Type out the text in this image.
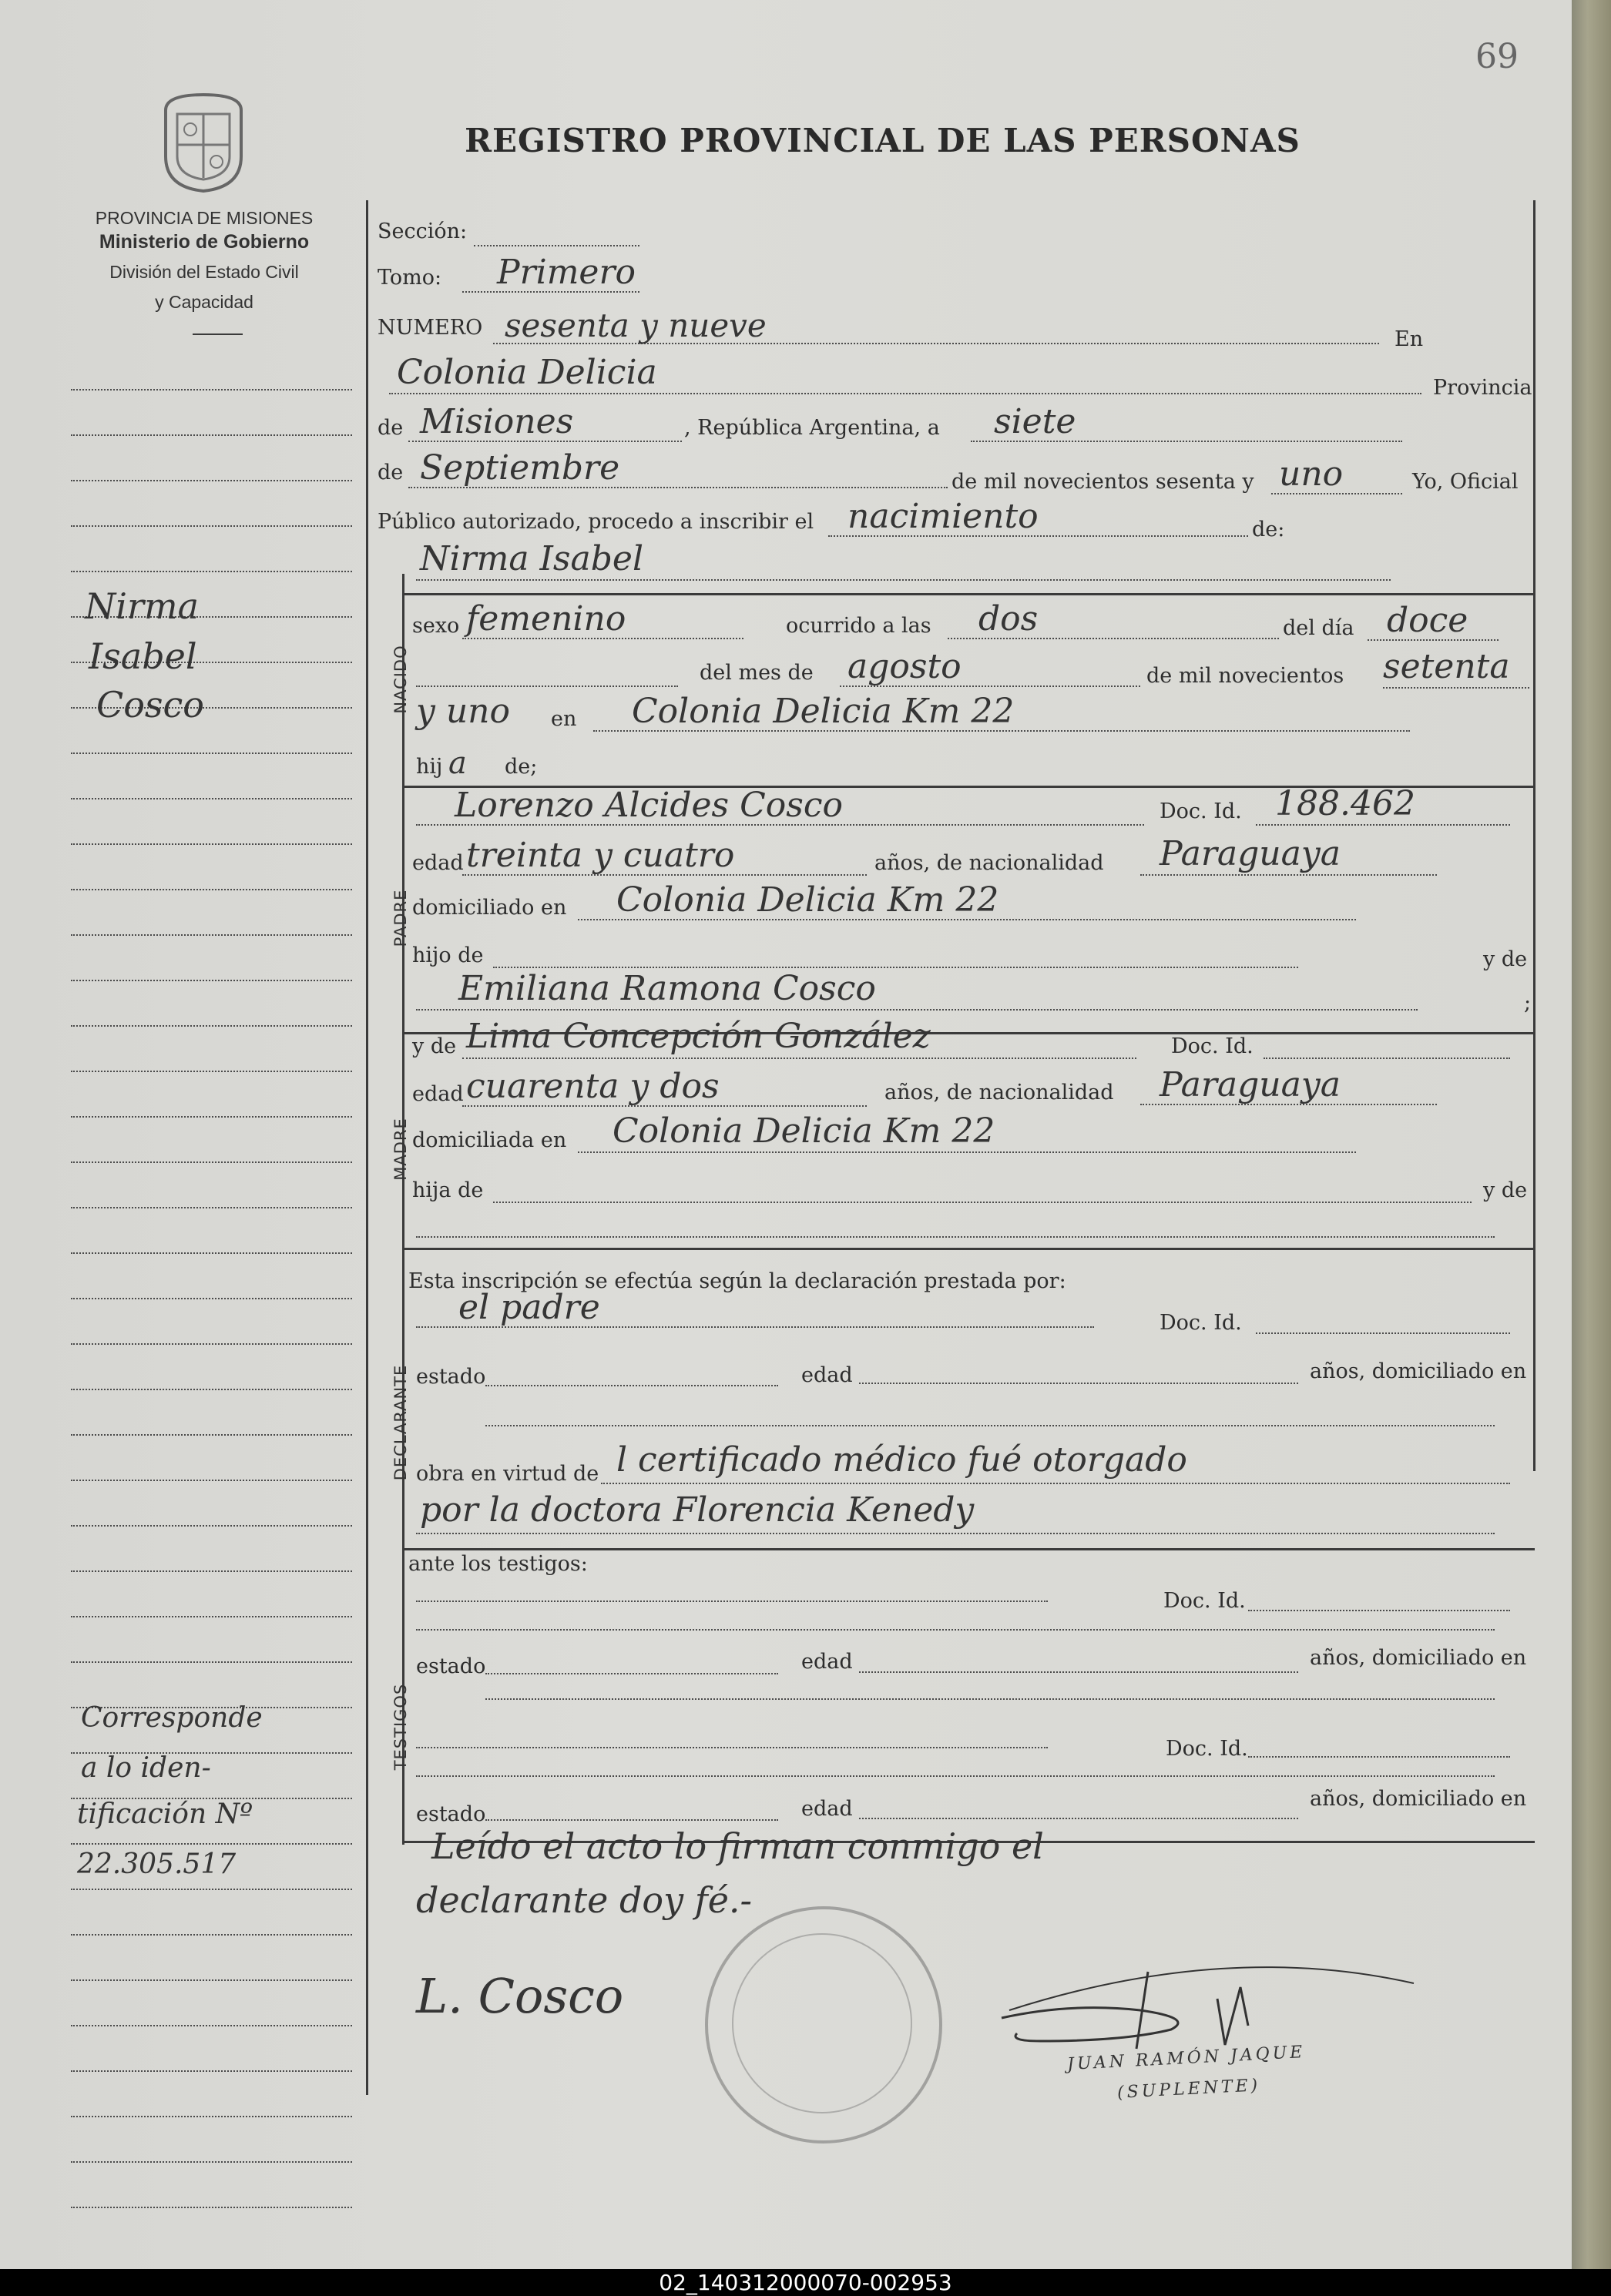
69
REGISTRO PROVINCIAL DE LAS PERSONAS
PROVINCIA DE MISIONES
Ministerio de Gobierno
División del Estado Civil
y Capacidad
NACIDO
PADRE
MADRE
DECLARANTE
TESTIGOS
Sección:
Tomo: Primero
NUMERO sesenta y nueve	En
Colonia Delicia	Provincia
de Misiones	, República Argentina, a siete
de Septiembre	de mil novecientos sesenta y uno	Yo, Oficial
Público autorizado, procedo a inscribir el nacimiento	de:
Nirma Isabel
sexo femenino	ocurrido a las dos	del día doce
del mes de agosto	de mil novecientos setenta
y uno en Colonia Delicia Km 22
hij a de;
Lorenzo Alcides Cosco	Doc. Id. 188.462
edad treinta y cuatro	años, de nacionalidad Paraguaya
domiciliado en Colonia Delicia Km 22
hijo de	y de
Emiliana Ramona Cosco	;
y de Lima Concepción González	Doc. Id.
edad cuarenta y dos	años, de nacionalidad Paraguaya
domiciliada en Colonia Delicia Km 22
hija de	y de
Esta inscripción se efectúa según la declaración prestada por:
el padre	Doc. Id.
estado	edad	años, domiciliado en
obra en virtud de l certificado médico fué otorgado
por la doctora Florencia Kenedy
ante los testigos:
Doc. Id.
estado	edad	años, domiciliado en
Doc. Id.
estado	edad	años, domiciliado en
Leído el acto lo firman conmigo el
declarante doy fé.-
L. Cosco
JUAN RAMÓN JAQUE
(SUPLENTE)
Nirma
Isabel
Cosco
Corresponde
a lo iden-
tificación Nº
22.305.517
02_140312000070-002953
